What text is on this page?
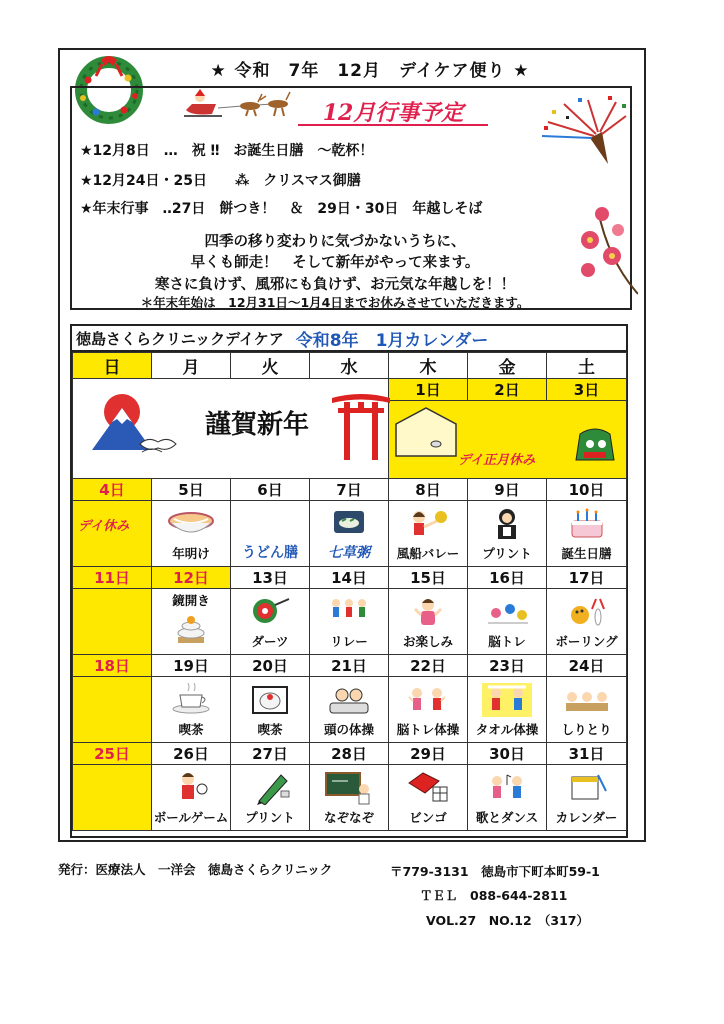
★ 令和　7年　12月　デイケア便り ★
12月行事予定
★12月8日　…　祝 ‼　お誕生日膳　～乾杯！
★12月24日・25日　　⁂　クリスマス御膳
★年末行事　‥27日　餅つき！　＆　29日・30日　年越しそば
四季の移り変わりに気づかないうちに、
早くも師走！　そして新年がやって来ます。
寒さに負けず、風邪にも負けず、お元気な年越しを！！
＊年末年始は　12月31日～1月4日までお休みさせていただきます。
徳島さくらクリニックデイケア 令和8年　1月カレンダー
日	月	火	水	木	金	土
				1日	2日	3日

4日	5日	6日	7日	8日	9日	10日

	年明け	うどん膳	七草粥	風船バレー	プリント	誕生日膳

11日	12日	13日	14日	15日	16日	17日

	鏡開き	ダーツ	リレー	お楽しみ	脳トレ	ボーリング

18日	19日	20日	21日	22日	23日	24日

	喫茶	喫茶	頭の体操	脳トレ体操	タオル体操	しりとり

25日	26日	27日	28日	29日	30日	31日

	ボールゲーム	プリント	なぞなぞ	ビンゴ	歌とダンス	カレンダー
謹賀新年
デイ正月休み
デイ休み
発行：医療法人　一洋会　徳島さくらクリニック	〒779-3131　徳島市下町本町59-1
ＴＥＬ　088-644-2811
VOL.27　NO.12　（317）
